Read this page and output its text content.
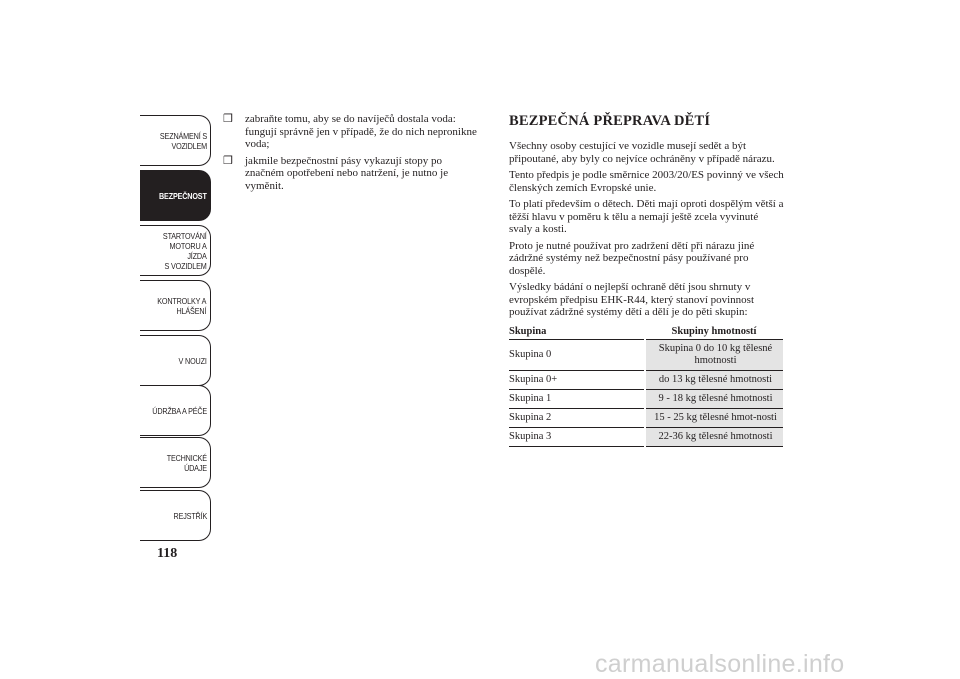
SEZNÁMENÍ S
VOZIDLEM
BEZPEČNOST
STARTOVÁNÍ
MOTORU A JÍZDA
S VOZIDLEM
KONTROLKY A
HLÁŠENÍ
V NOUZI
ÚDRŽBA A PÉČE
TECHNICKÉ
ÚDAJE
REJSTŘÍK
118
❒ zabraňte tomu, aby se do navíječů dostala voda: fungují správně jen v případě, že do nich nepronikne voda;
❒ jakmile bezpečnostní pásy vykazují stopy po značném opotřebení nebo natržení, je nutno je vyměnit.
BEZPEČNÁ PŘEPRAVA DĚTÍ

Všechny osoby cestující ve vozidle musejí sedět a být připoutané, aby byly co nejvíce ochráněny v případě nárazu.

Tento předpis je podle směrnice 2003/20/ES povinný ve všech členských zemích Evropské unie.

To platí především o dětech. Děti mají oproti dospělým větší a těžší hlavu v poměru k tělu a nemají ještě zcela vyvinuté svaly a kosti.

Proto je nutné používat pro zadržení dětí při nárazu jiné zádržné systémy než bezpečnostní pásy používané pro dospělé.

Výsledky bádání o nejlepší ochraně dětí jsou shrnuty v evropském předpisu EHK-R44, který stanoví povinnost používat zádržné systémy dětí a dělí je do pěti skupin:

Skupina	Skupiny hmotností
Skupina 0	Skupina 0 do 10 kg tělesné hmotnosti
Skupina 0+	do 13 kg tělesné hmotnosti
Skupina 1	9 - 18 kg tělesné hmotnosti
Skupina 2	15 - 25 kg tělesné hmot-nosti
Skupina 3	22-36 kg tělesné hmotnosti
carmanualsonline.info
